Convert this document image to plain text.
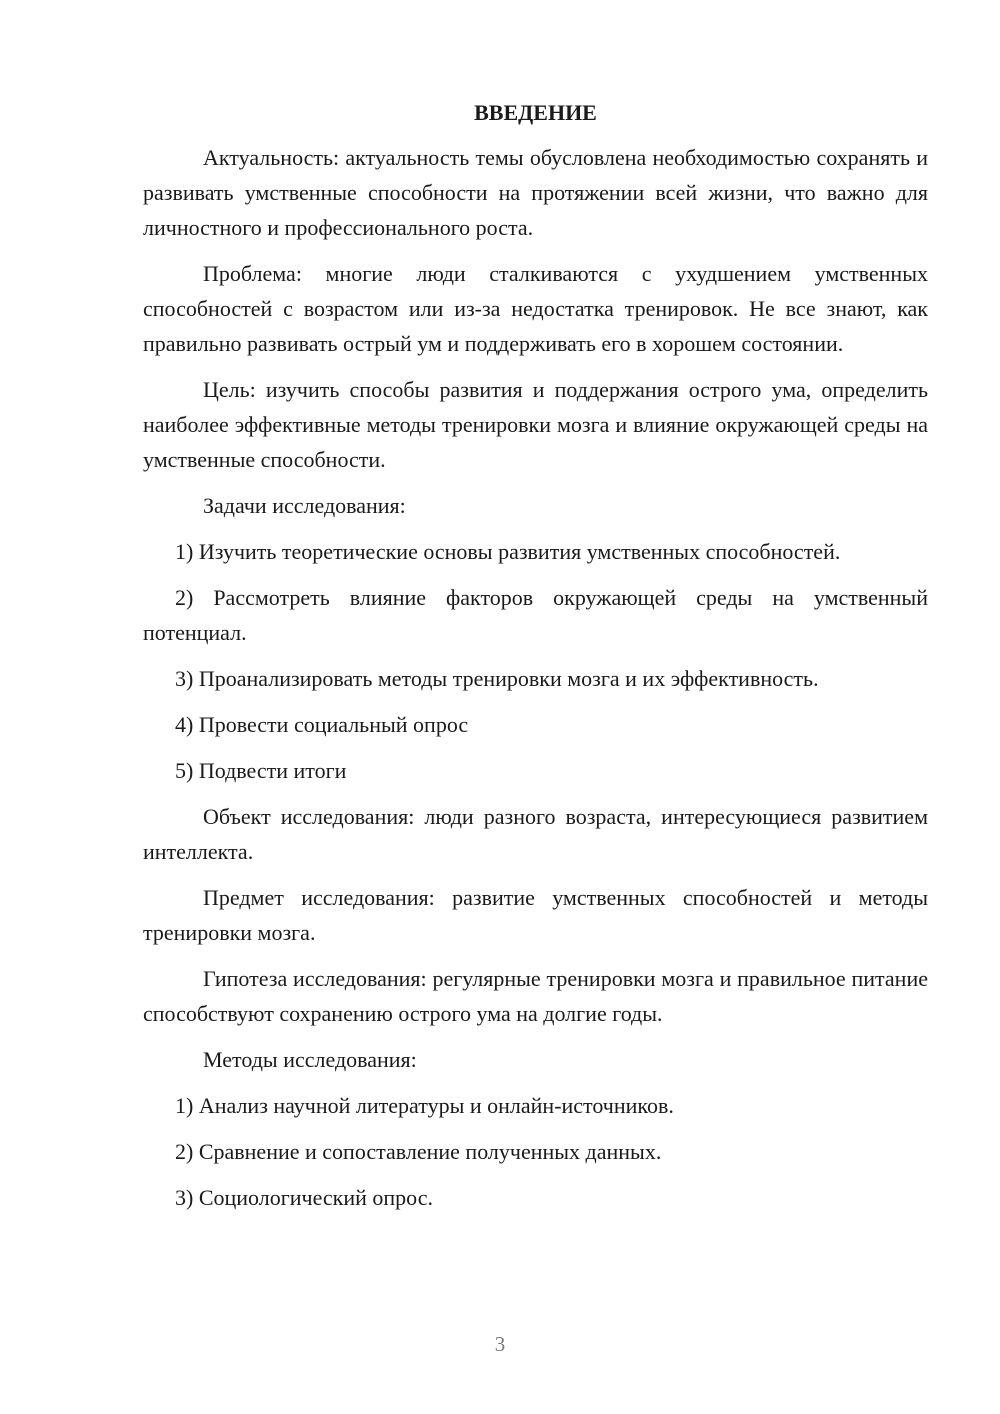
ВВЕДЕНИЕ

Актуальность: актуальность темы обусловлена необходимостью сохранять и развивать умственные способности на протяжении всей жизни, что важно для личностного и профессионального роста.

Проблема: многие люди сталкиваются с ухудшением умственных способностей с возрастом или из-за недостатка тренировок. Не все знают, как правильно развивать острый ум и поддерживать его в хорошем состоянии.

Цель: изучить способы развития и поддержания острого ума, определить наиболее эффективные методы тренировки мозга и влияние окружающей среды на умственные способности.

Задачи исследования:

1) Изучить теоретические основы развития умственных способностей.

2) Рассмотреть влияние факторов окружающей среды на умственный потенциал.

3) Проанализировать методы тренировки мозга и их эффективность.

4) Провести социальный опрос

5) Подвести итоги

Объект исследования: люди разного возраста, интересующиеся развитием интеллекта.

Предмет исследования: развитие умственных способностей и методы тренировки мозга.

Гипотеза исследования: регулярные тренировки мозга и правильное питание способствуют сохранению острого ума на долгие годы.

Методы исследования:

1) Анализ научной литературы и онлайн-источников.

2) Сравнение и сопоставление полученных данных.

3) Социологический опрос.

3
